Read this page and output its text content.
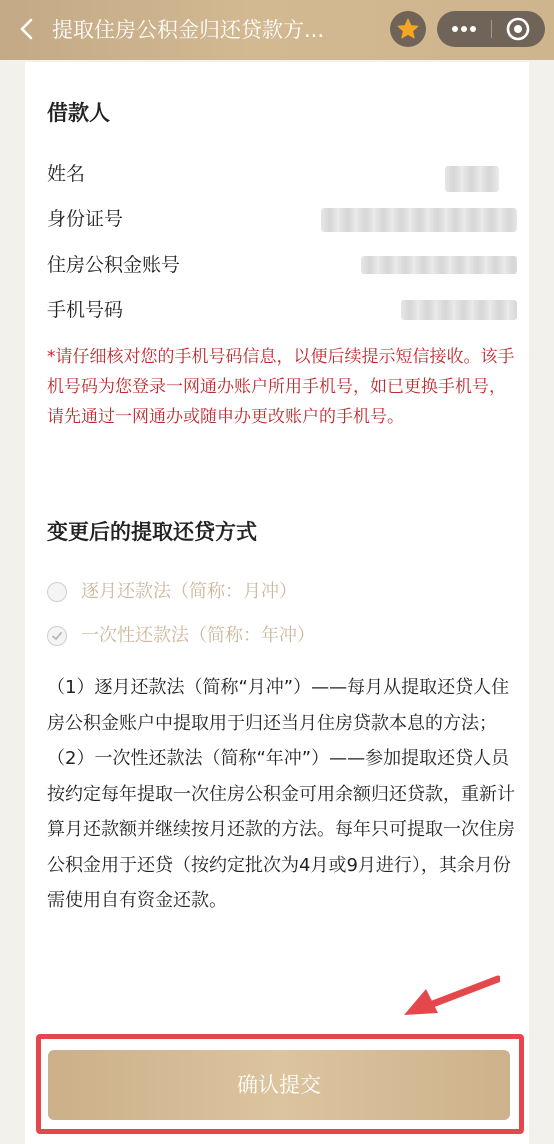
提取住房公积金归还贷款方...
借款人
姓名
身份证号
住房公积金账号
手机号码
*请仔细核对您的手机号码信息，以便后续提示短信接收。该手机号码为您登录一网通办账户所用手机号，如已更换手机号，请先通过一网通办或随申办更改账户的手机号。
变更后的提取还贷方式
逐月还款法（简称：月冲）
一次性还款法（简称：年冲）

（1）逐月还款法（简称“月冲”）——每月从提取还贷人住房公积金账户中提取用于归还当月住房贷款本息的方法；

（2）一次性还款法（简称“年冲”）——参加提取还贷人员按约定每年提取一次住房公积金可用余额归还贷款，重新计算月还款额并继续按月还款的方法。每年只可提取一次住房公积金用于还贷（按约定批次为4月或9月进行），其余月份需使用自有资金还款。

确认提交
